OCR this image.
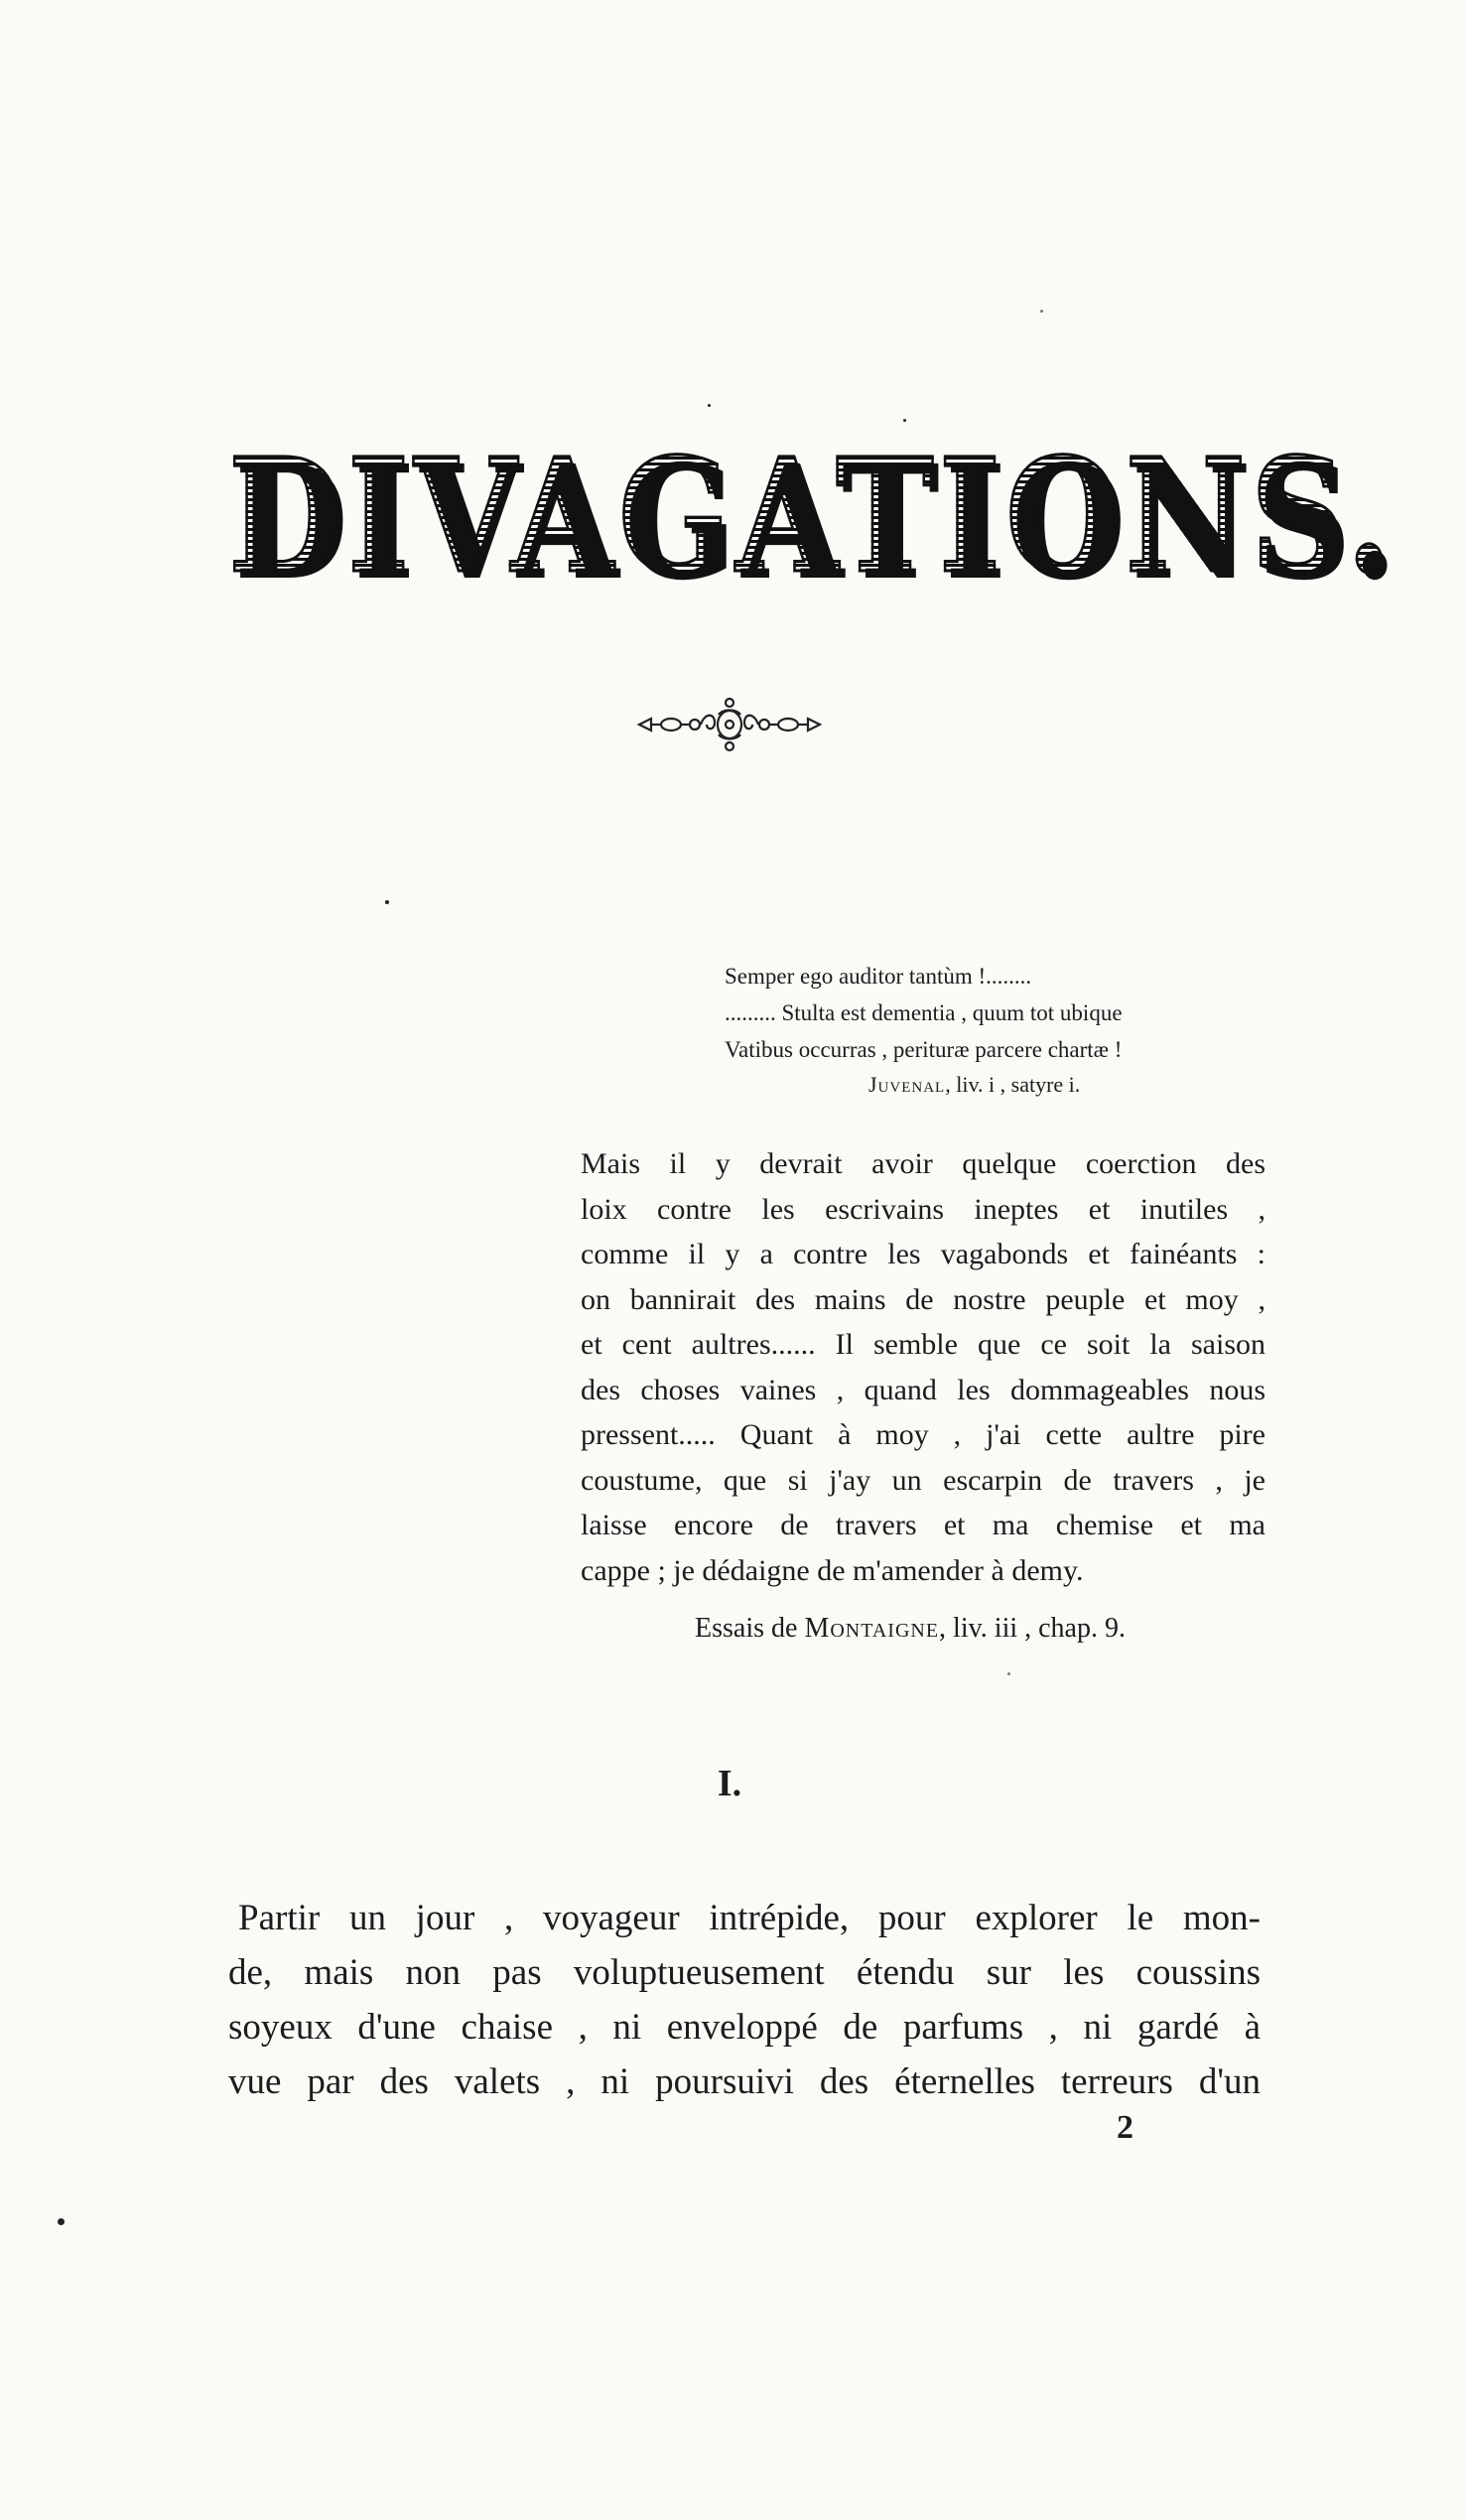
DIVAGATIONS.
Semper ego auditor tantùm !........
......... Stulta est dementia , quum tot ubique
Vatibus occurras , perituræ parcere chartæ !
Juvenal, liv. i , satyre i.
Mais il y devrait avoir quelque coerction des
loix contre les escrivains ineptes et inutiles ,
comme il y a contre les vagabonds et fainéants :
on bannirait des mains de nostre peuple et moy ,
et cent aultres...... Il semble que ce soit la saison
des choses vaines , quand les dommageables nous
pressent..... Quant à moy , j'ai cette aultre pire
coustume, que si j'ay un escarpin de travers , je
laisse encore de travers et ma chemise et ma
cappe ; je dédaigne de m'amender à demy.
Essais de Montaigne, liv. iii , chap. 9.
I.
Partir un jour , voyageur intrépide, pour explorer le mon-
de, mais non pas voluptueusement étendu sur les coussins
soyeux d'une chaise , ni enveloppé de parfums , ni gardé à
vue par des valets , ni poursuivi des éternelles terreurs d'un
2
